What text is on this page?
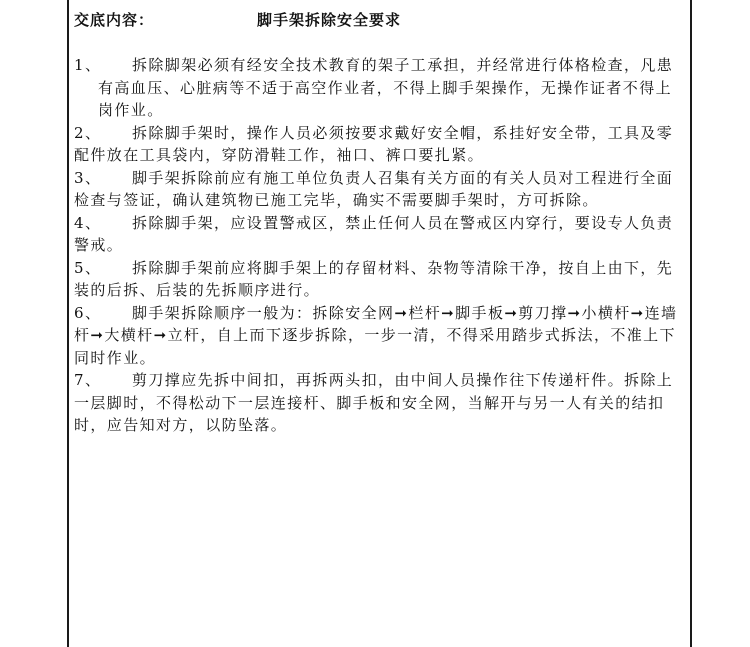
交底内容：	脚手架拆除安全要求

1、	拆除脚架必须有经安全技术教育的架子工承担，并经常进行体格检查，凡患有高血压、心脏病等不适于高空作业者，不得上脚手架操作，无操作证者不得上岗作业。

2、	拆除脚手架时，操作人员必须按要求戴好安全帽，系挂好安全带，工具及零配件放在工具袋内，穿防滑鞋工作，袖口、裤口要扎紧。

3、	脚手架拆除前应有施工单位负责人召集有关方面的有关人员对工程进行全面检查与签证，确认建筑物已施工完毕，确实不需要脚手架时，方可拆除。

4、	拆除脚手架，应设置警戒区，禁止任何人员在警戒区内穿行，要设专人负责警戒。

5、	拆除脚手架前应将脚手架上的存留材料、杂物等清除干净，按自上由下，先装的后拆、后装的先拆顺序进行。

6、	脚手架拆除顺序一般为：拆除安全网➞栏杆➞脚手板➞剪刀撑➞小横杆➞连墙杆➞大横杆➞立杆，自上而下逐步拆除，一步一清，不得采用踏步式拆法，不准上下同时作业。

7、	剪刀撑应先拆中间扣，再拆两头扣，由中间人员操作往下传递杆件。拆除上一层脚时，不得松动下一层连接杆、脚手板和安全网，当解开与另一人有关的结扣时，应告知对方，以防坠落。
